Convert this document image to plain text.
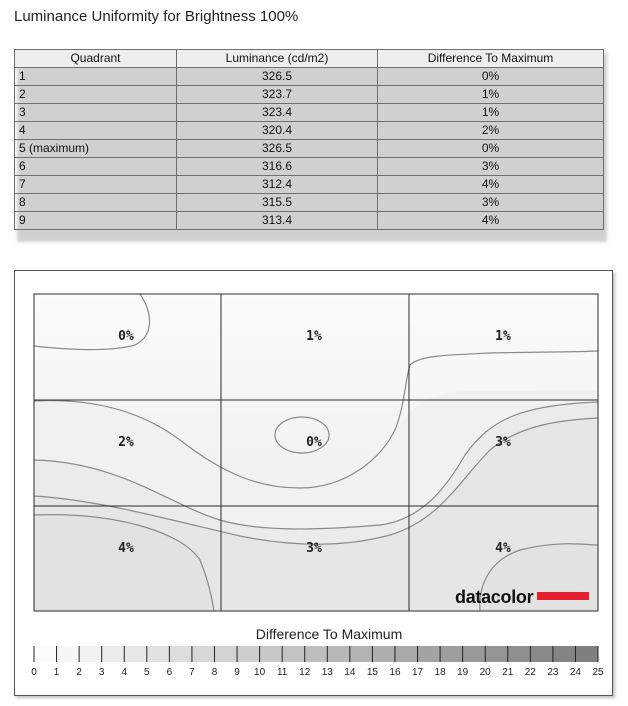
Luminance Uniformity for Brightness 100%
Quadrant	Luminance (cd/m2)	Difference To Maximum
1	326.5	0%
2	323.7	1%
3	323.4	1%
4	320.4	2%
5 (maximum)	326.5	0%
6	316.6	3%
7	312.4	4%
8	315.5	3%
9	313.4	4%
0%	1%	1%
2%	0%	3%
4%	3%	4%
datacolor
0 1 2 3 4 5 6 7 8 9 10 11 12 13 14 15 16 17 18 19 20 21 22 23 24 25
Difference To Maximum
